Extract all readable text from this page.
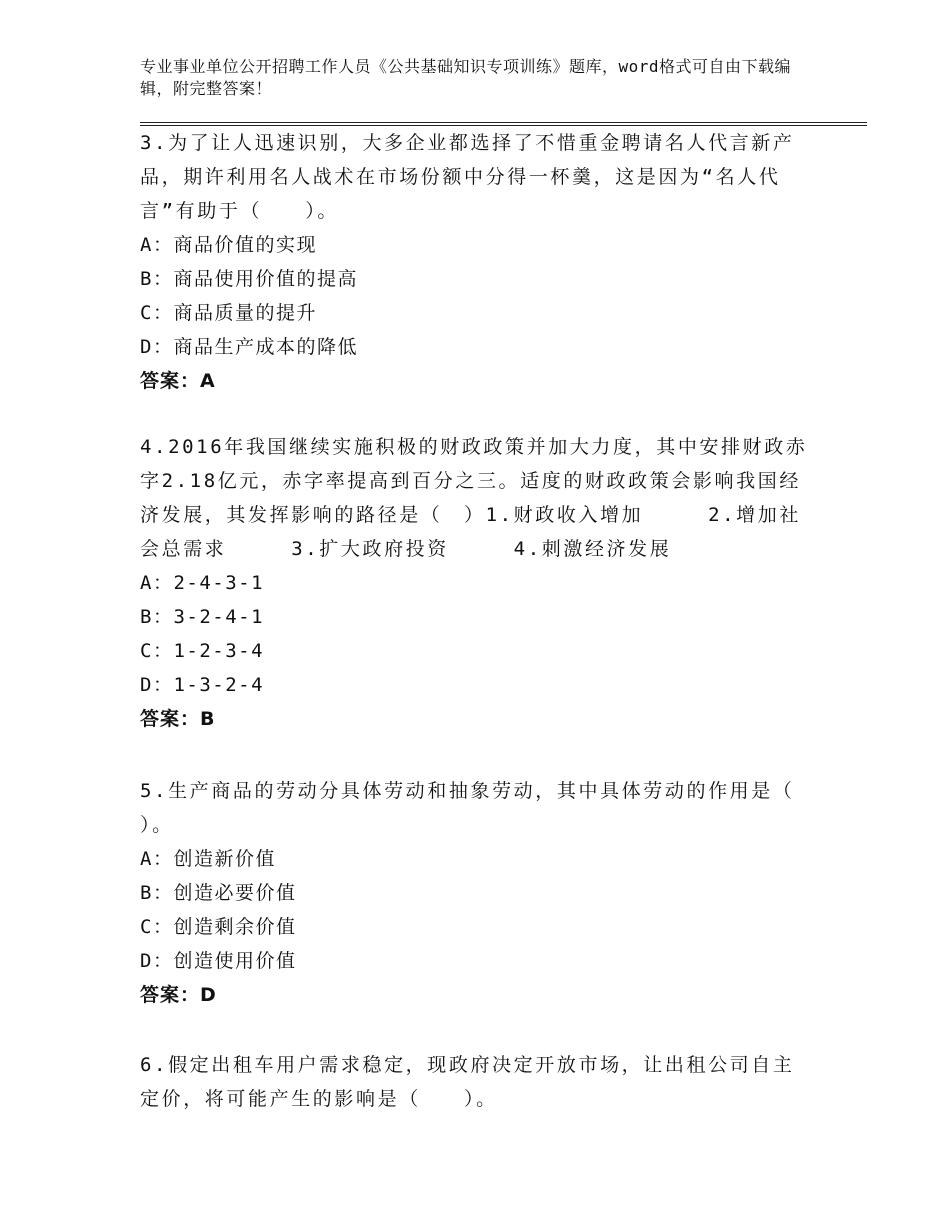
专业事业单位公开招聘工作人员《公共基础知识专项训练》题库，word格式可自由下载编辑，附完整答案！

3.为了让人迅速识别，大多企业都选择了不惜重金聘请名人代言新产

品，期许利用名人战术在市场份额中分得一杯羹，这是因为“名人代

言”有助于（　　）。

A：商品价值的实现

B：商品使用价值的提高

C：商品质量的提升

D：商品生产成本的降低

答案：A

4.2016年我国继续实施积极的财政政策并加大力度，其中安排财政赤

字2.18亿元，赤字率提高到百分之三。适度的财政政策会影响我国经

济发展，其发挥影响的路径是（　）1.财政收入增加　　　2.增加社

会总需求　　　3.扩大政府投资　　　4.刺激经济发展

A：2-4-3-1

B：3-2-4-1

C：1-2-3-4

D：1-3-2-4

答案：B

5.生产商品的劳动分具体劳动和抽象劳动，其中具体劳动的作用是（

）。

A：创造新价值

B：创造必要价值

C：创造剩余价值

D：创造使用价值

答案：D

6.假定出租车用户需求稳定，现政府决定开放市场，让出租公司自主

定价，将可能产生的影响是（　　）。
